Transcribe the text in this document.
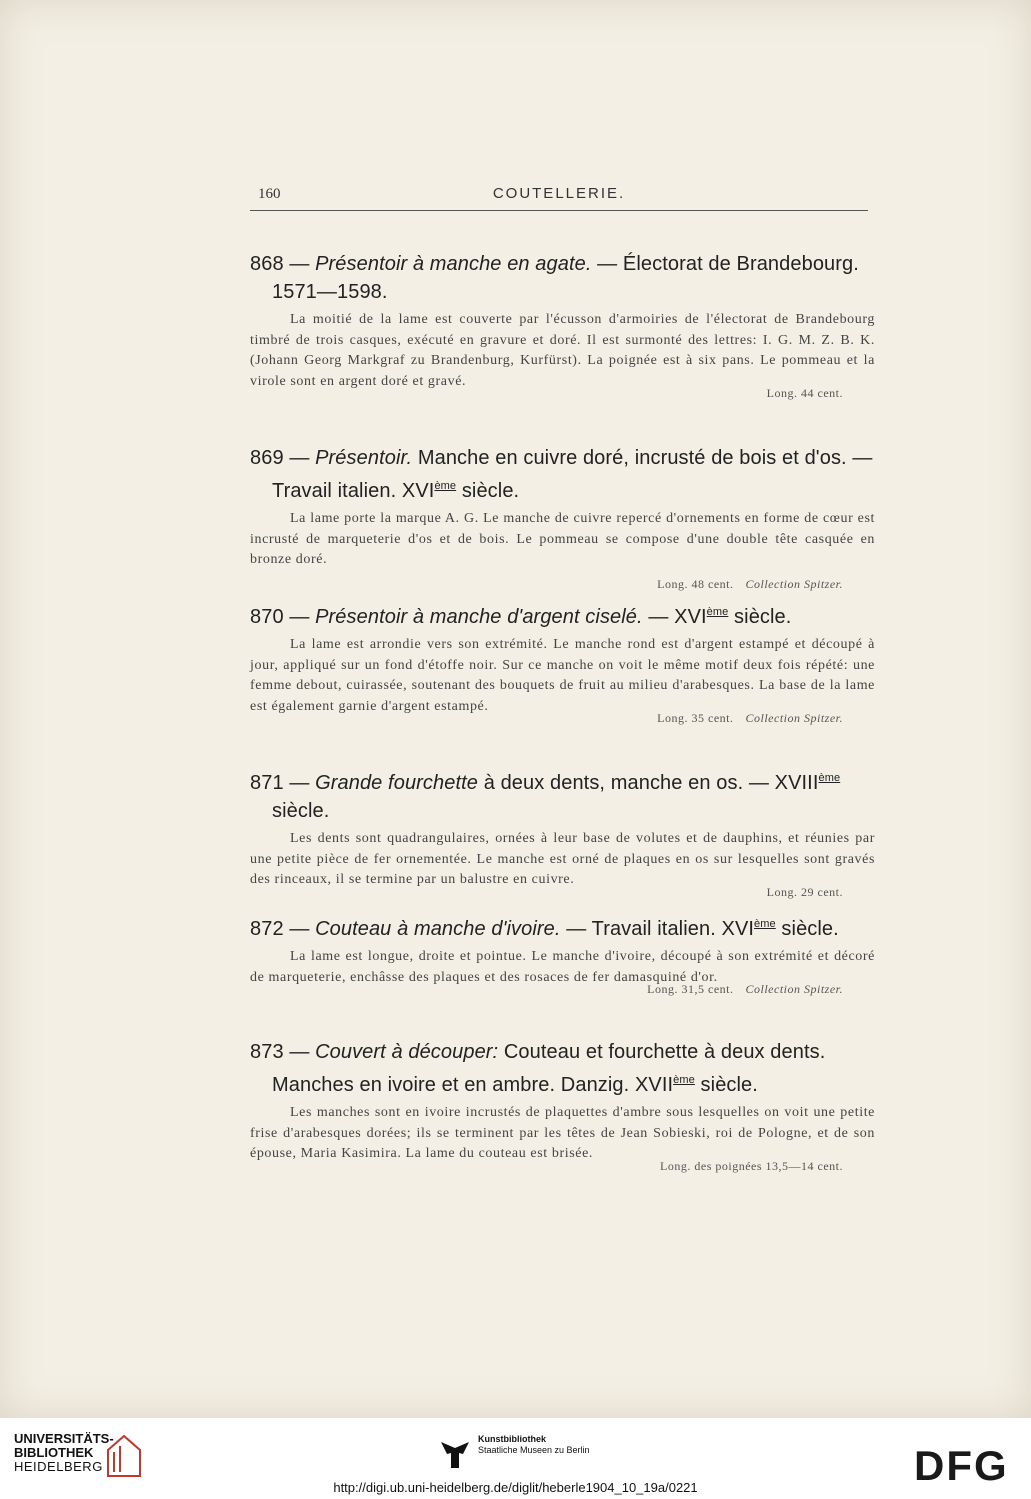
160	COUTELLERIE.
868 — Présentoir à manche en agate. — Électorat de Brandebourg. 1571—1598.
La moitié de la lame est couverte par l'écusson d'armoiries de l'électorat de Brandebourg timbré de trois casques, exécuté en gravure et doré. Il est surmonté des lettres: I. G. M. Z. B. K. (Johann Georg Markgraf zu Brandenburg, Kurfürst). La poignée est à six pans. Le pommeau et la virole sont en argent doré et gravé.
Long. 44 cent.
869 — Présentoir. Manche en cuivre doré, incrusté de bois et d'os. — Travail italien. XVIème siècle.
La lame porte la marque A. G. Le manche de cuivre repercé d'ornements en forme de cœur est incrusté de marqueterie d'os et de bois. Le pommeau se compose d'une double tête casquée en bronze doré.
Long. 48 cent. Collection Spitzer.
870 — Présentoir à manche d'argent ciselé. — XVIème siècle.
La lame est arrondie vers son extrémité. Le manche rond est d'argent estampé et découpé à jour, appliqué sur un fond d'étoffe noir. Sur ce manche on voit le même motif deux fois répété: une femme debout, cuirassée, soutenant des bouquets de fruit au milieu d'arabesques. La base de la lame est également garnie d'argent estampé.
Long. 35 cent. Collection Spitzer.
871 — Grande fourchette à deux dents, manche en os. — XVIIIème siècle.
Les dents sont quadrangulaires, ornées à leur base de volutes et de dauphins, et réunies par une petite pièce de fer ornementée. Le manche est orné de plaques en os sur lesquelles sont gravés des rinceaux, il se termine par un balustre en cuivre.
Long. 29 cent.
872 — Couteau à manche d'ivoire. — Travail italien. XVIème siècle.
La lame est longue, droite et pointue. Le manche d'ivoire, découpé à son extrémité et décoré de marqueterie, enchâsse des plaques et des rosaces de fer damasquiné d'or.
Long. 31,5 cent. Collection Spitzer.
873 — Couvert à découper: Couteau et fourchette à deux dents. Manches en ivoire et en ambre. Danzig. XVIIème siècle.
Les manches sont en ivoire incrustés de plaquettes d'ambre sous lesquelles on voit une petite frise d'arabesques dorées; ils se terminent par les têtes de Jean Sobieski, roi de Pologne, et de son épouse, Maria Kasimira. La lame du couteau est brisée.
Long. des poignées 13,5—14 cent.
UNIVERSITÄTS-
BIBLIOTHEK
HEIDELBERG
Kunstbibliothek
Staatliche Museen zu Berlin	DFG
http://digi.ub.uni-heidelberg.de/diglit/heberle1904_10_19a/0221
